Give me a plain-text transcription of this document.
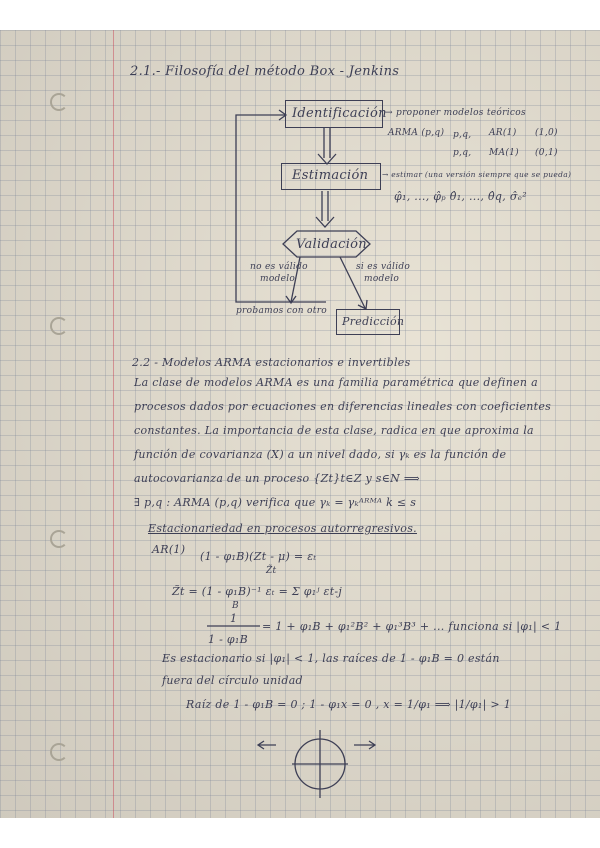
2.1.- Filosofía del método Box - Jenkins
Identificación
→ proponer modelos teóricos
ARMA (p,q) p,q, AR(1) (1,0)
p,q, MA(1) (0,1)
Estimación → estimar (una versión siempre que se pueda)
φ̂₁, ..., φ̂ₚ θ̂₁, ..., θ̂q, σ̂ₑ²
Validación
no es válido
modelo
si es válido
modelo
probamos con otro
Predicción
2.2 - Modelos ARMA estacionarios e invertibles
La clase de modelos ARMA es una familia paramétrica que definen a
procesos dados por ecuaciones en diferencias lineales con coeficientes
constantes. La importancia de esta clase, radica en que aproxima la
función de covarianza (X) a un nivel dado, si γₖ es la función de
autocovarianza de un proceso {Zt}t∈Z y s∈N ⟹
∃ p,q : ARMA (p,q) verifica que γₖ = γₖᴬᴿᴹᴬ k ≤ s
Estacionariedad en procesos autorregresivos.
AR(1)
(1 - φ₁B)(Zt - μ) = εₜ
Z̃t
Z̃t = (1 - φ₁B)⁻¹ εₜ = Σ φ₁ʲ εt-j
B
1
1 - φ₁B
= 1 + φ₁B + φ₁²B² + φ₁³B³ + ... funciona si |φ₁| < 1
Es estacionario si |φ₁| < 1, las raíces de 1 - φ₁B = 0 están
fuera del círculo unidad
Raíz de 1 - φ₁B = 0 ; 1 - φ₁x = 0 , x = 1/φ₁ ⟹ |1/φ₁| > 1
